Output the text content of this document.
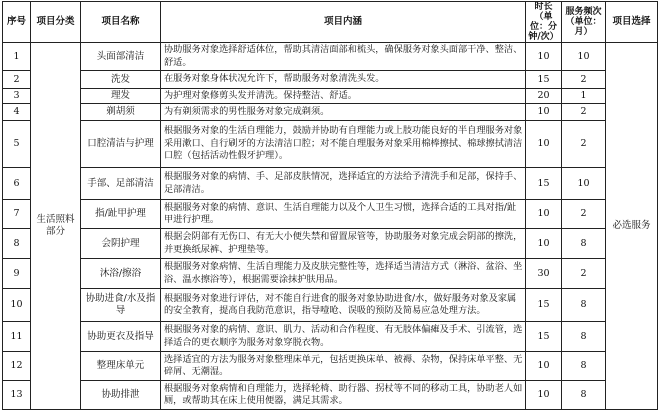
序号	项目分类	项目名称	项目内涵	时长（单位：分钟/次）	服务频次（单位：月）	项目选择
1	生活照料部分	头面部清洁	协助服务对象选择舒适体位，帮助其清洁面部和梳头，确保服务对象头面部干净、整洁、舒适。	10	10	必选服务
2		洗发	在服务对象身体状况允许下，帮助服务对象清洗头发。	15	2	
3		理发	为护理对象修剪头发并清洗。保持整洁、舒适。	20	1	
4		剃胡须	为有剃须需求的男性服务对象完成剃须。	10	2	
5		口腔清洁与护理	根据服务对象的生活自理能力，鼓励并协助有自理能力或上肢功能良好的半自理服务对象采用漱口、自行刷牙的方法清洁口腔；对不能自理服务对象采用棉棒擦拭、棉球擦拭清洁口腔（包括活动性假牙护理）。	10	2	
6		手部、足部清洁	根据服务对象的病情、手、足部皮肤情况，选择适宜的方法给予清洗手和足部，保持手、足部清洁。	15	10	
7		指/趾甲护理	根据服务对象的病情、意识、生活自理能力以及个人卫生习惯，选择合适的工具对指/趾甲进行护理。	10	2	
8		会阴护理	根据会阴部有无伤口、有无大小便失禁和留置尿管等，协助服务对象完成会阴部的擦洗，并更换纸尿裤、护理垫等。	10	8	
9		沐浴/擦浴	根据服务对象病情、生活自理能力及皮肤完整性等，选择适当清洁方式（淋浴、盆浴、坐浴、温水擦浴等），根据需要涂抹护肤用品。	30	2	
10		协助进食/水及指导	根据服务对象进行评估，对不能自行进食的服务对象协助进食/水，做好服务对象及家属的安全教育，提高自我防范意识，指导噎呛、误吸的预防及简易应急处理方法。	15	8	
11		协助更衣及指导	根据服务对象的病情、意识、肌力、活动和合作程度、有无肢体偏瘫及手术、引流管，选择适合的更衣顺序为服务对象穿脱衣物。	15	8	
12		整理床单元	选择适宜的方法为服务对象整理床单元，包括更换床单、被褥、杂物，保持床单平整、无碎屑、无潮湿。	10	8	
13		协助排泄	根据服务对象病情和自理能力，选择轮椅、助行器、拐杖等不同的移动工具，协助老人如厕，或帮助其在床上使用便器，满足其需求。	10	8	
